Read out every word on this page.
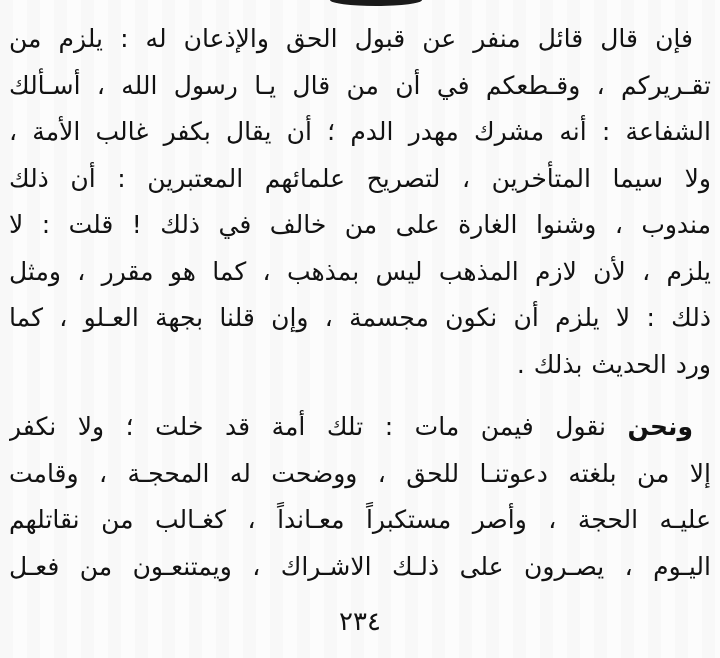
فإن قال قائل منفر عن قبول الحق والإذعان له : يلزم من
تقـريركم ، وقـطعكم في أن من قال يـا رسول الله ، أسـألك
الشفاعة : أنه مشرك مهدر الدم ؛ أن يقال بكفر غالب الأمة ،
ولا سيما المتأخرين ، لتصريح علمائهم المعتبرين : أن ذلك
مندوب ، وشنوا الغارة على من خالف في ذلك ! قلت : لا
يلزم ، لأن لازم المذهب ليس بمذهب ، كما هو مقرر ، ومثل
ذلك : لا يلزم أن نكون مجسمة ، وإن قلنا بجهة العـلو ، كما
ورد الحديث بذلك .
ونحن نقول فيمن مات : تلك أمة قد خلت ؛ ولا نكفر
إلا من بلغته دعوتنـا للحق ، ووضحت له المحجـة ، وقامت
عليـه الحجة ، وأصر مستكبراً معـانداً ، كغـالب من نقاتلهم
اليـوم ، يصـرون على ذلـك الاشـراك ، ويمتنعـون من فعـل
٢٣٤
